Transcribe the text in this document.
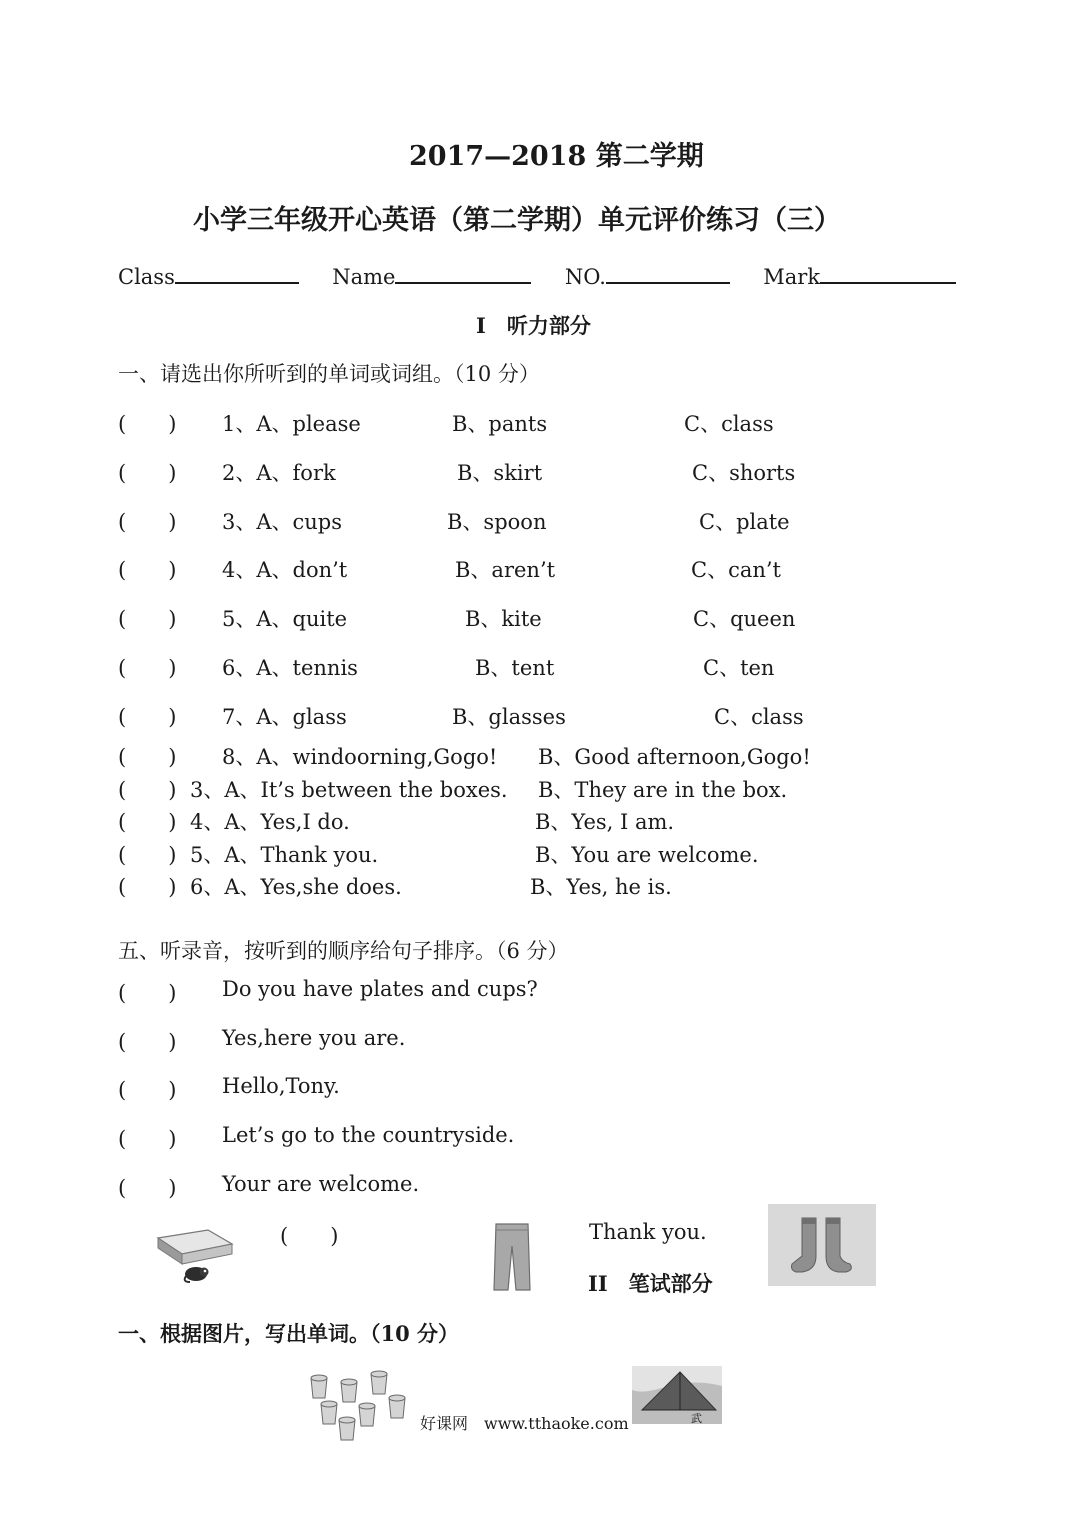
2017—2018 第二学期
小学三年级开心英语（第二学期）单元评价练习（三）
Class	Name	NO.	Mark
I　听力部分
一、请选出你所听到的单词或词组。（10 分）
(　　) 1、A、please	B、pants	C、class
(　　) 2、A、fork	B、skirt	C、shorts
(　　) 3、A、cups	B、spoon	C、plate
(　　) 4、A、don’t	B、aren’t	C、can’t
(　　) 5、A、quite	B、kite	C、queen
(　　) 6、A、tennis	B、tent	C、ten
(　　) 7、A、glass	B、glasses	C、class
(　　) 8、A、windoorning,Gogo! B、Good afternoon,Gogo!
(　　) 3、A、It’s between the boxes. B、They are in the box.
(　　) 4、A、Yes,I do.	B、Yes, I am.
(　　) 5、A、Thank you.	B、You are welcome.
(　　) 6、A、Yes,she does.	B、Yes, he is.
五、听录音，按听到的顺序给句子排序。（6 分）
(　　) Do you have plates and cups?
(　　) Yes,here you are.
(　　) Hello,Tony.
(　　) Let’s go to the countryside.
(　　) Your are welcome.
(　　)	Thank you.
II　笔试部分
一、根据图片，写出单词。（10 分）
好课网　www.tthaoke.com	武
